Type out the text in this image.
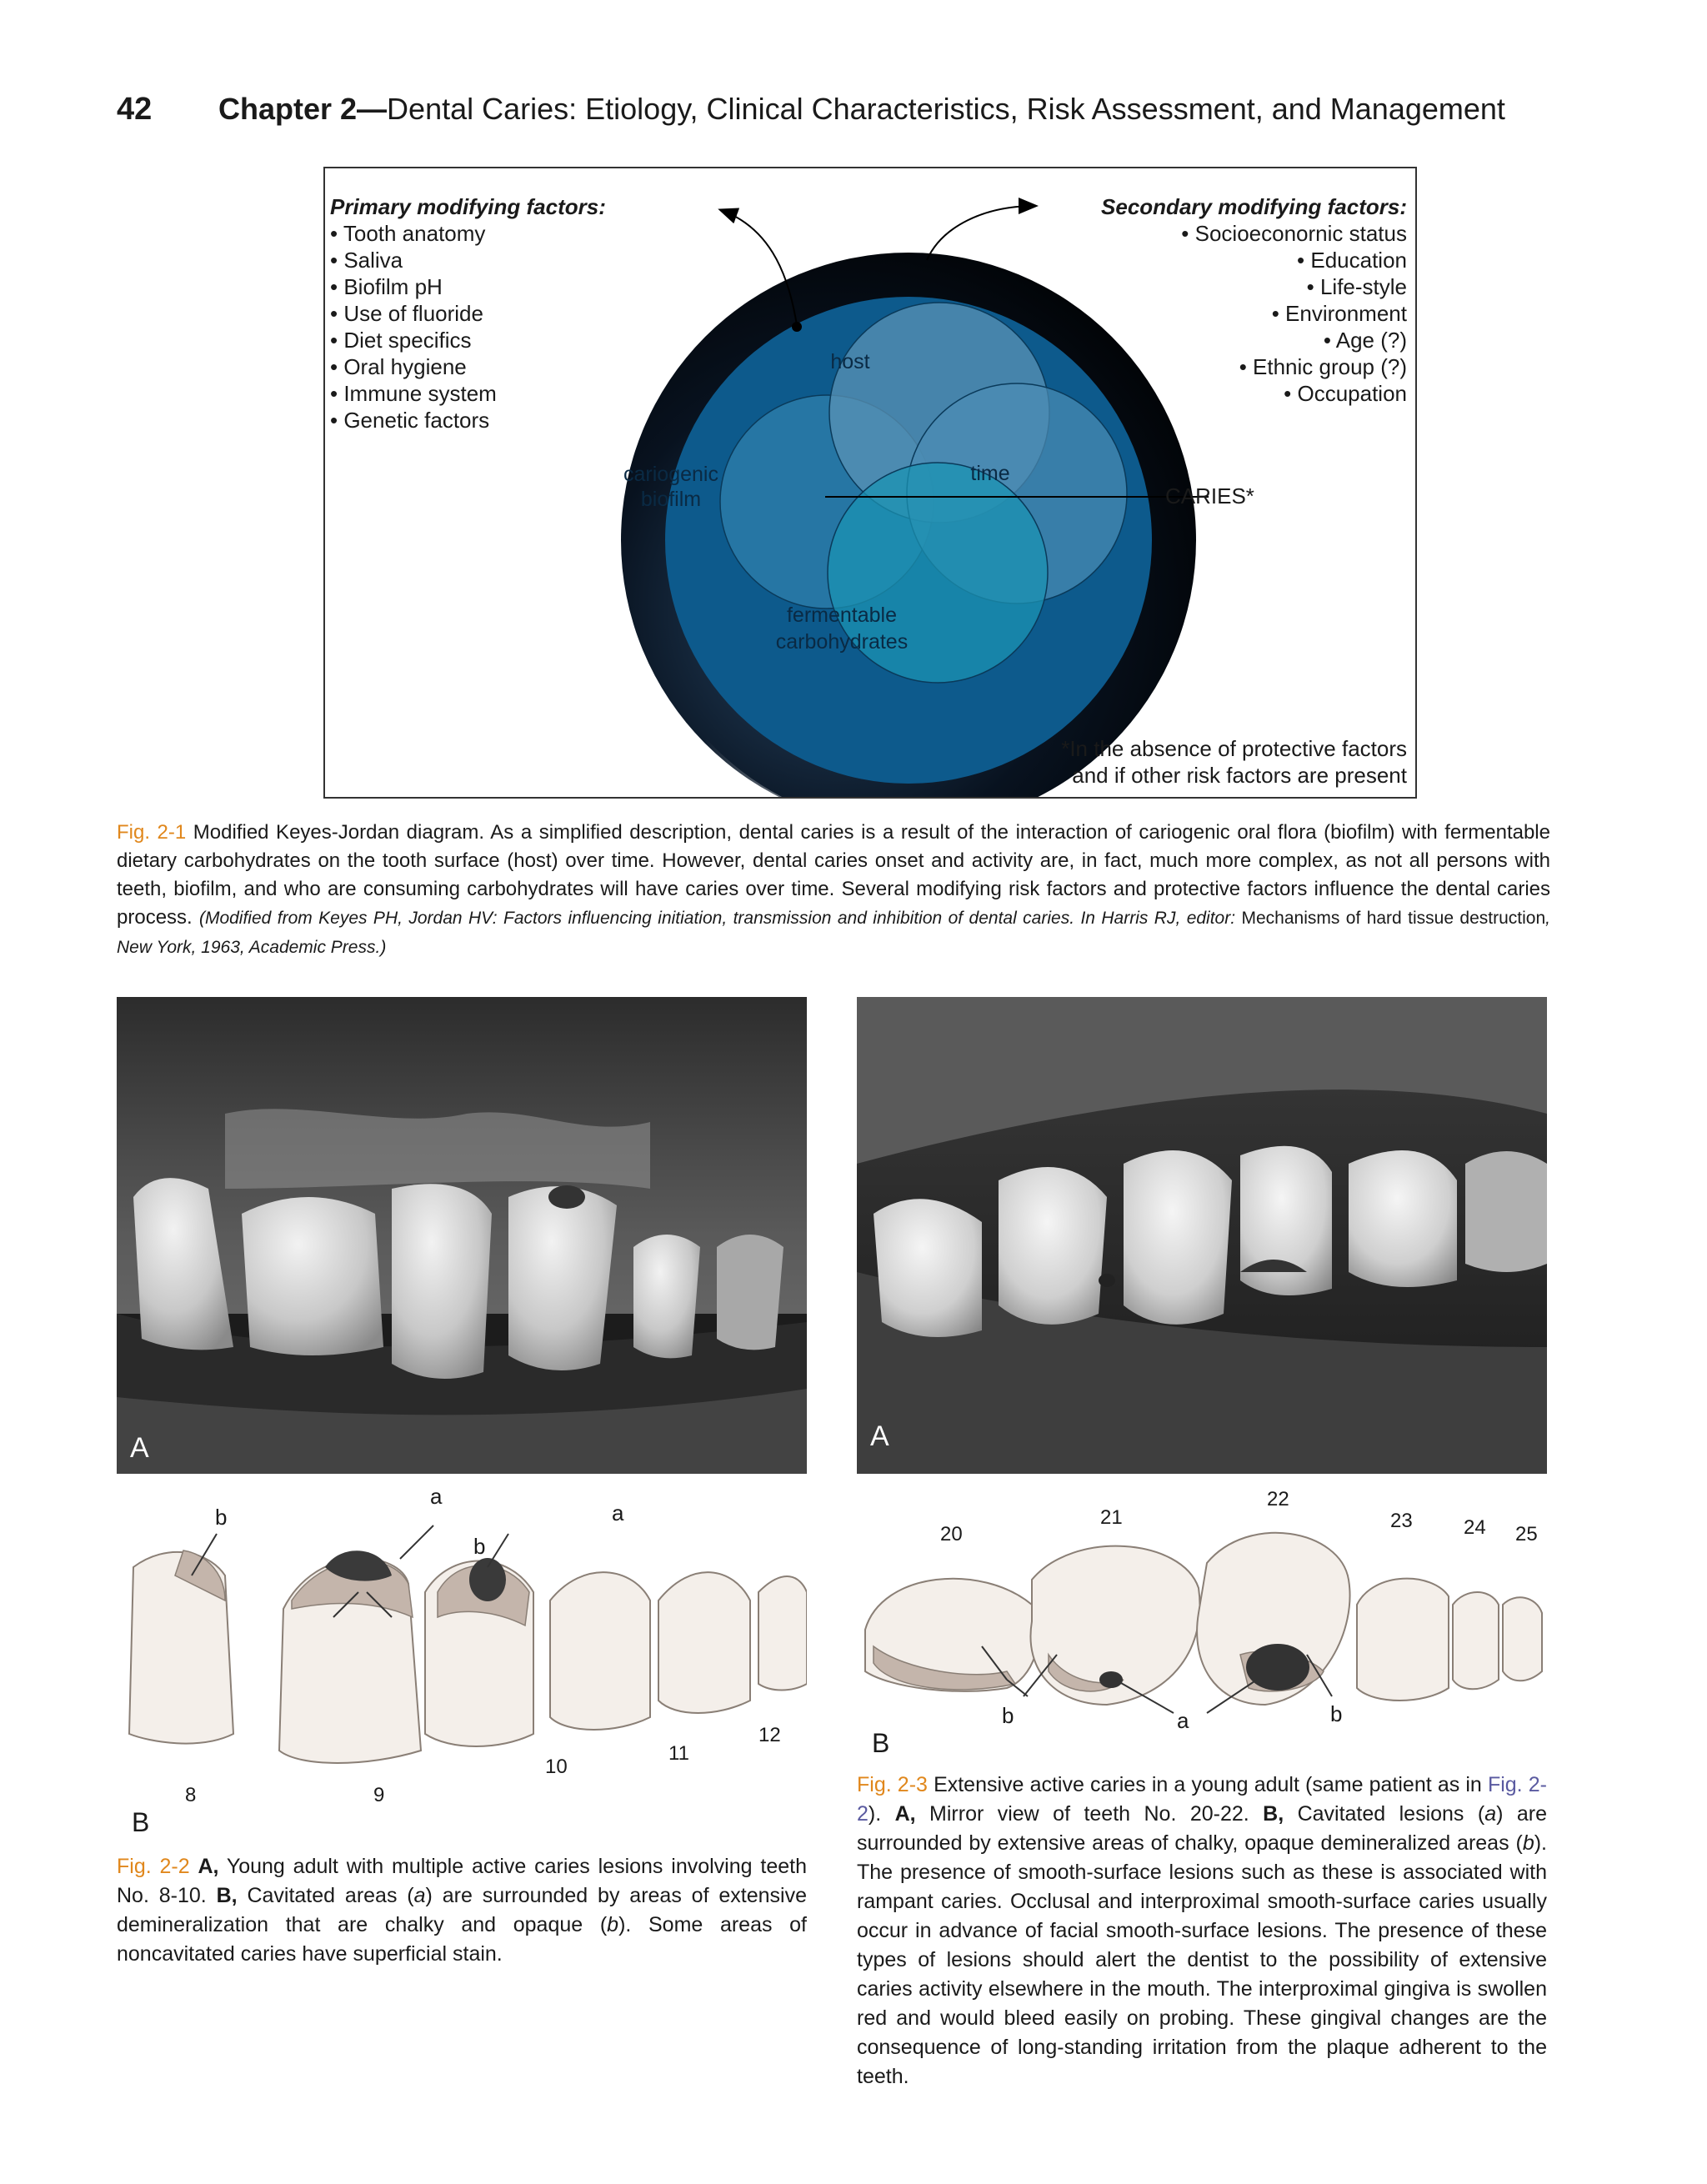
42 Chapter 2—Dental Caries: Etiology, Clinical Characteristics, Risk Assessment, and Management
Primary modifying factors:
• Tooth anatomy
• Saliva
• Biofilm pH
• Use of fluoride
• Diet specifics
• Oral hygiene
• Immune system
• Genetic factors
Secondary modifying factors:
• Socioeconornic status
• Education
• Life-style
• Environment
• Age (?)
• Ethnic group (?)
• Occupation
host
cariogenic
biofilm
time
fermentable
carbohydrates
CARIES*
*In the absence of protective factors
and if other risk factors are present
Fig. 2-1 Modified Keyes-Jordan diagram. As a simplified description, dental caries is a result of the interaction of cariogenic oral flora (biofilm) with fermentable dietary carbohydrates on the tooth surface (host) over time. However, dental caries onset and activity are, in fact, much more complex, as not all persons with teeth, biofilm, and who are consuming carbohydrates will have caries over time. Several modifying risk factors and protective factors influence the dental caries process. (Modified from Keyes PH, Jordan HV: Factors influencing initiation, transmission and inhibition of dental caries. In Harris RJ, editor: Mechanisms of hard tissue destruction, New York, 1963, Academic Press.)
A
b
a
b
a
8	9
10
11
12
B
Fig. 2-2 A, Young adult with multiple active caries lesions involving teeth No. 8-10. B, Cavitated areas (a) are surrounded by areas of extensive demineralization that are chalky and opaque (b). Some areas of noncavitated caries have superficial stain.
A
20
21
22
23	24 25
b	a	b
B
Fig. 2-3 Extensive active caries in a young adult (same patient as in Fig. 2-2). A, Mirror view of teeth No. 20-22. B, Cavitated lesions (a) are surrounded by extensive areas of chalky, opaque demineralized areas (b). The presence of smooth-surface lesions such as these is associated with rampant caries. Occlusal and interproximal smooth-surface caries usually occur in advance of facial smooth-surface lesions. The presence of these types of lesions should alert the dentist to the possibility of extensive caries activity elsewhere in the mouth. The interproximal gingiva is swollen red and would bleed easily on probing. These gingival changes are the consequence of long-standing irritation from the plaque adherent to the teeth.
